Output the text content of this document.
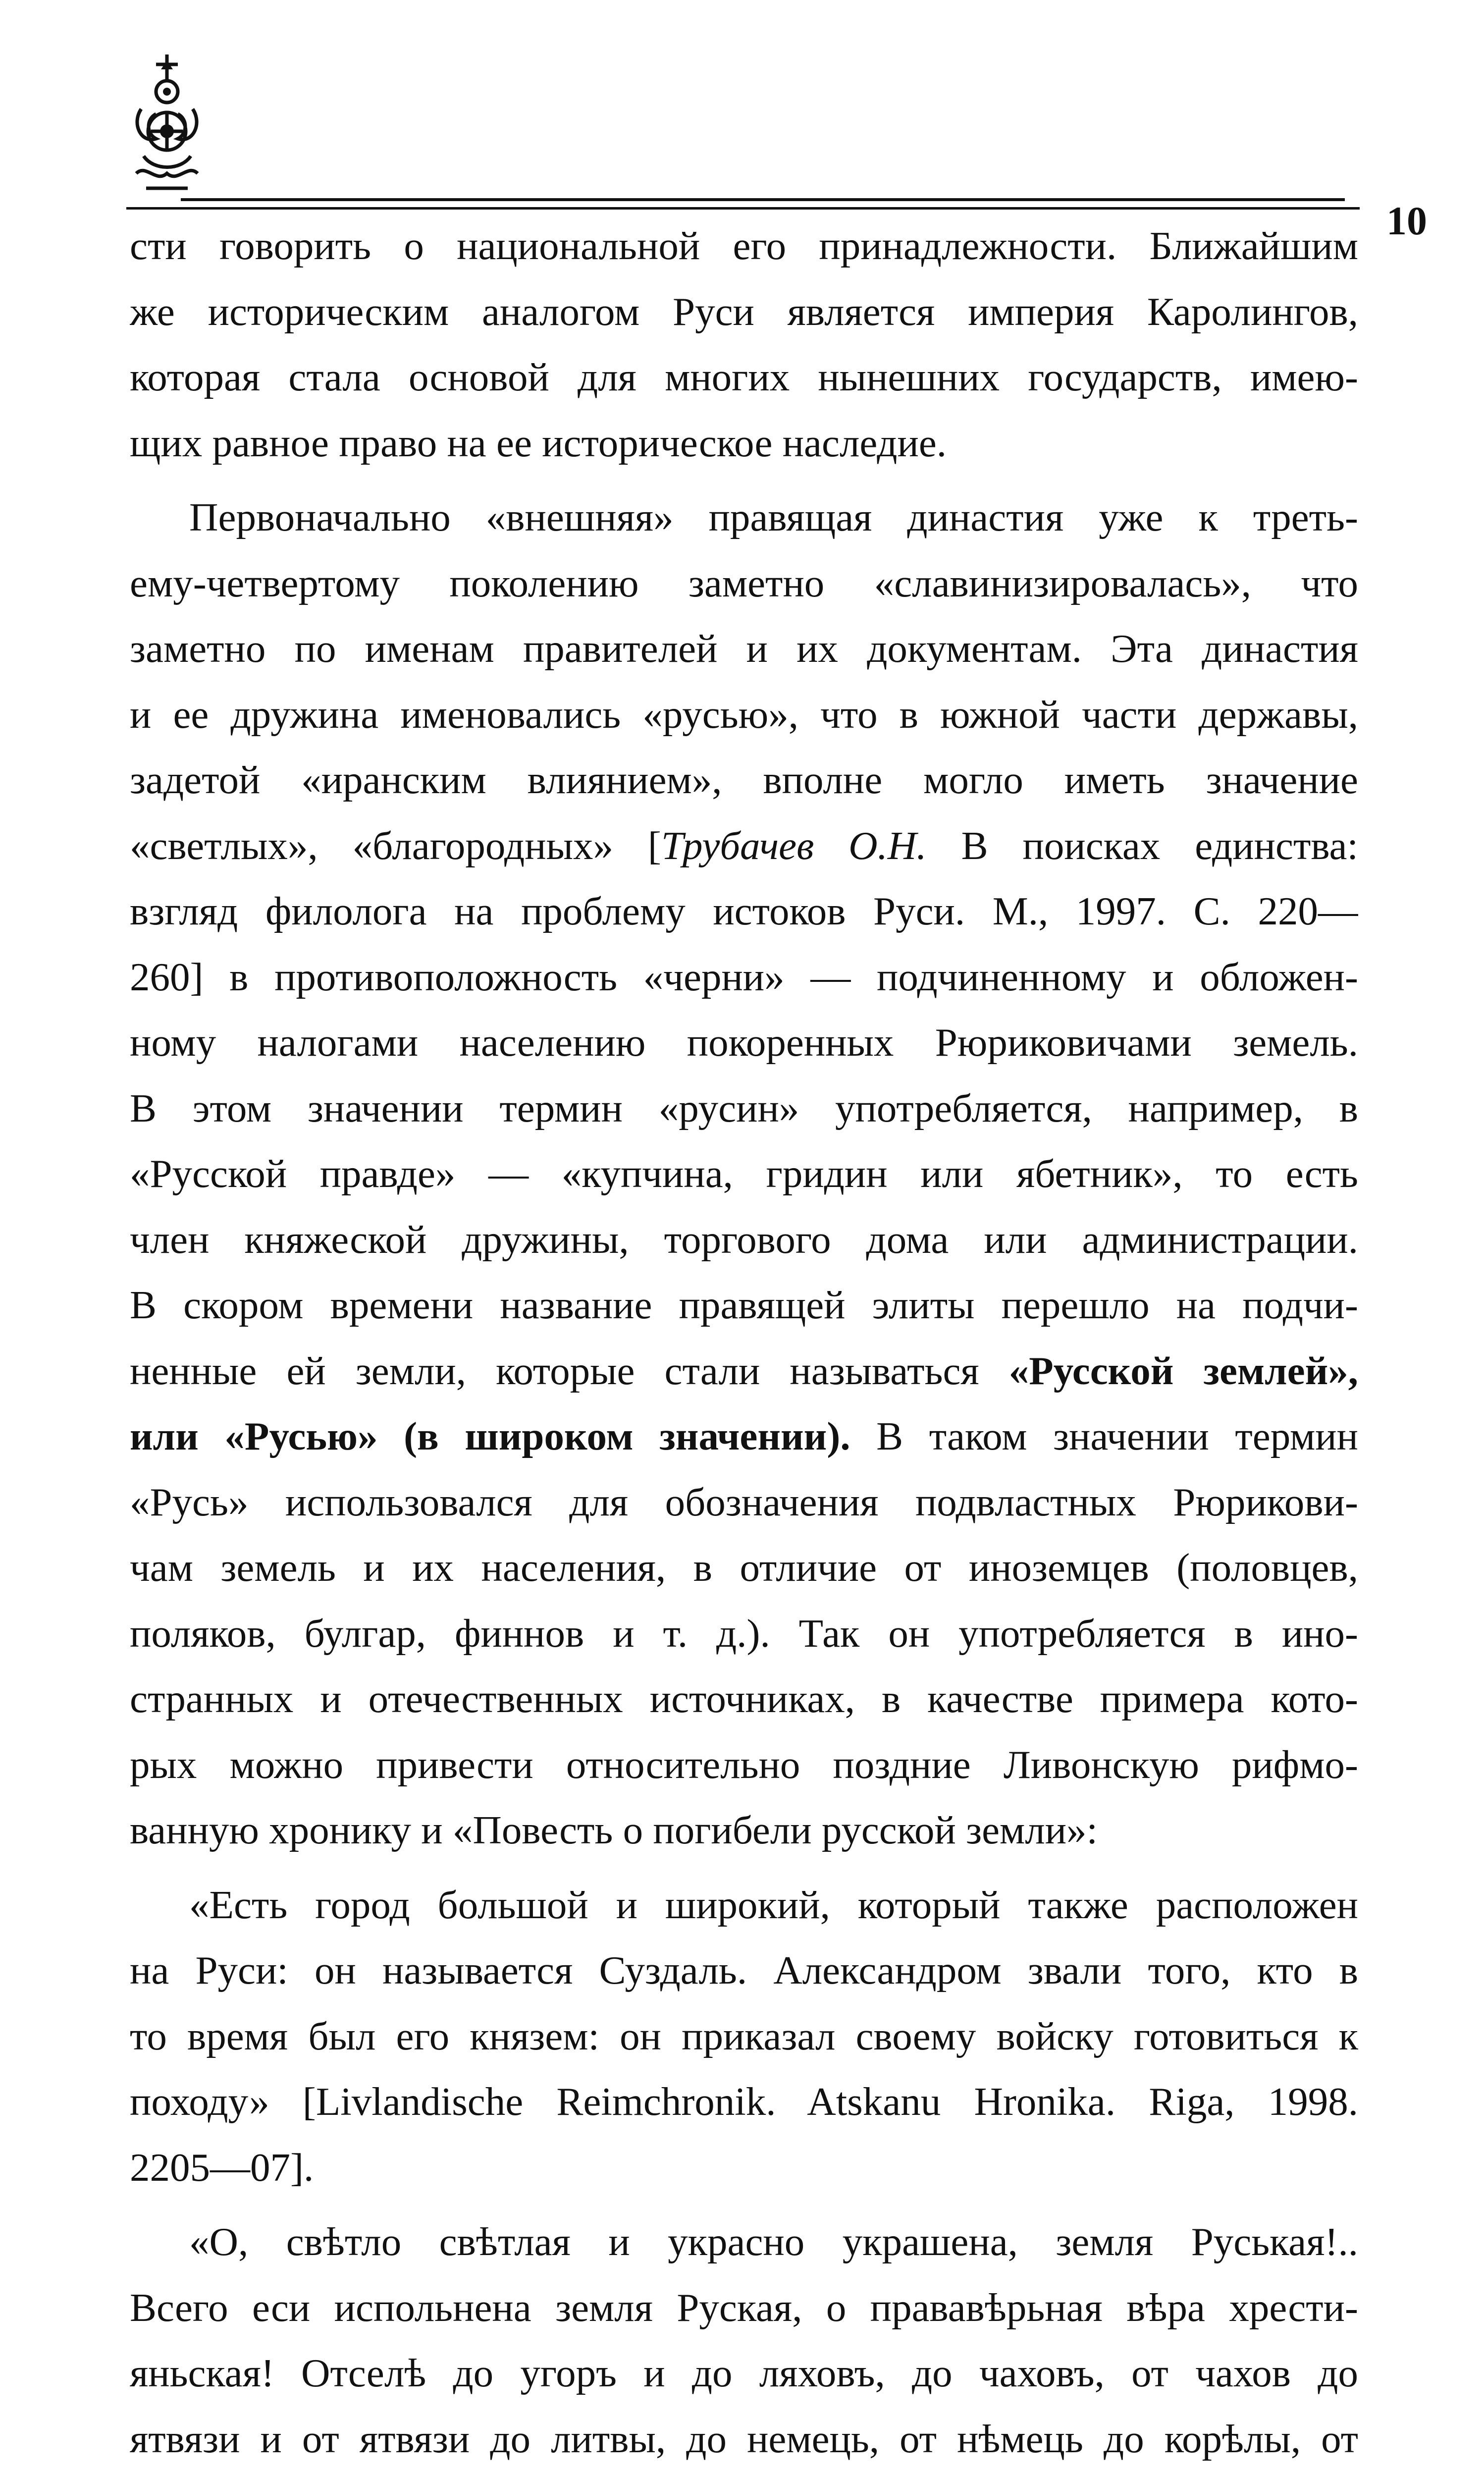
10
сти говорить о национальной его принадлежности. Ближайшим
же историческим аналогом Руси является империя Каролингов,
которая стала основой для многих нынешних государств, имею-
щих равное право на ее историческое наследие.
Первоначально «внешняя» правящая династия уже к треть-
ему-четвертому поколению заметно «славинизировалась», что
заметно по именам правителей и их документам. Эта династия
и ее дружина именовались «русью», что в южной части державы,
задетой «иранским влиянием», вполне могло иметь значение
«светлых», «благородных» [Трубачев О.Н. В поисках единства:
взгляд филолога на проблему истоков Руси. М., 1997. С. 220—
260] в противоположность «черни» — подчиненному и обложен-
ному налогами населению покоренных Рюриковичами земель.
В этом значении термин «русин» употребляется, например, в
«Русской правде» — «купчина, гридин или ябетник», то есть
член княжеской дружины, торгового дома или администрации.
В скором времени название правящей элиты перешло на подчи-
ненные ей земли, которые стали называться «Русской землей»,
или «Русью» (в широком значении). В таком значении термин
«Русь» использовался для обозначения подвластных Рюрикови-
чам земель и их населения, в отличие от иноземцев (половцев,
поляков, булгар, финнов и т. д.). Так он употребляется в ино-
странных и отечественных источниках, в качестве примера кото-
рых можно привести относительно поздние Ливонскую рифмо-
ванную хронику и «Повесть о погибели русской земли»:
«Есть город большой и широкий, который также расположен
на Руси: он называется Суздаль. Александром звали того, кто в
то время был его князем: он приказал своему войску готовиться к
походу» [Livlandische Reimchronik. Atskanu Hronika. Riga, 1998.
2205—07].
«О, свѣтло свѣтлая и украсно украшена, земля Руськая!..
Всего еси испольнена земля Руская, о прававѣрьная вѣра хрести-
яньская! Отселѣ до угоръ и до ляховъ, до чаховъ, от чахов до
ятвязи и от ятвязи до литвы, до немець, от нѣмець до корѣлы, от
